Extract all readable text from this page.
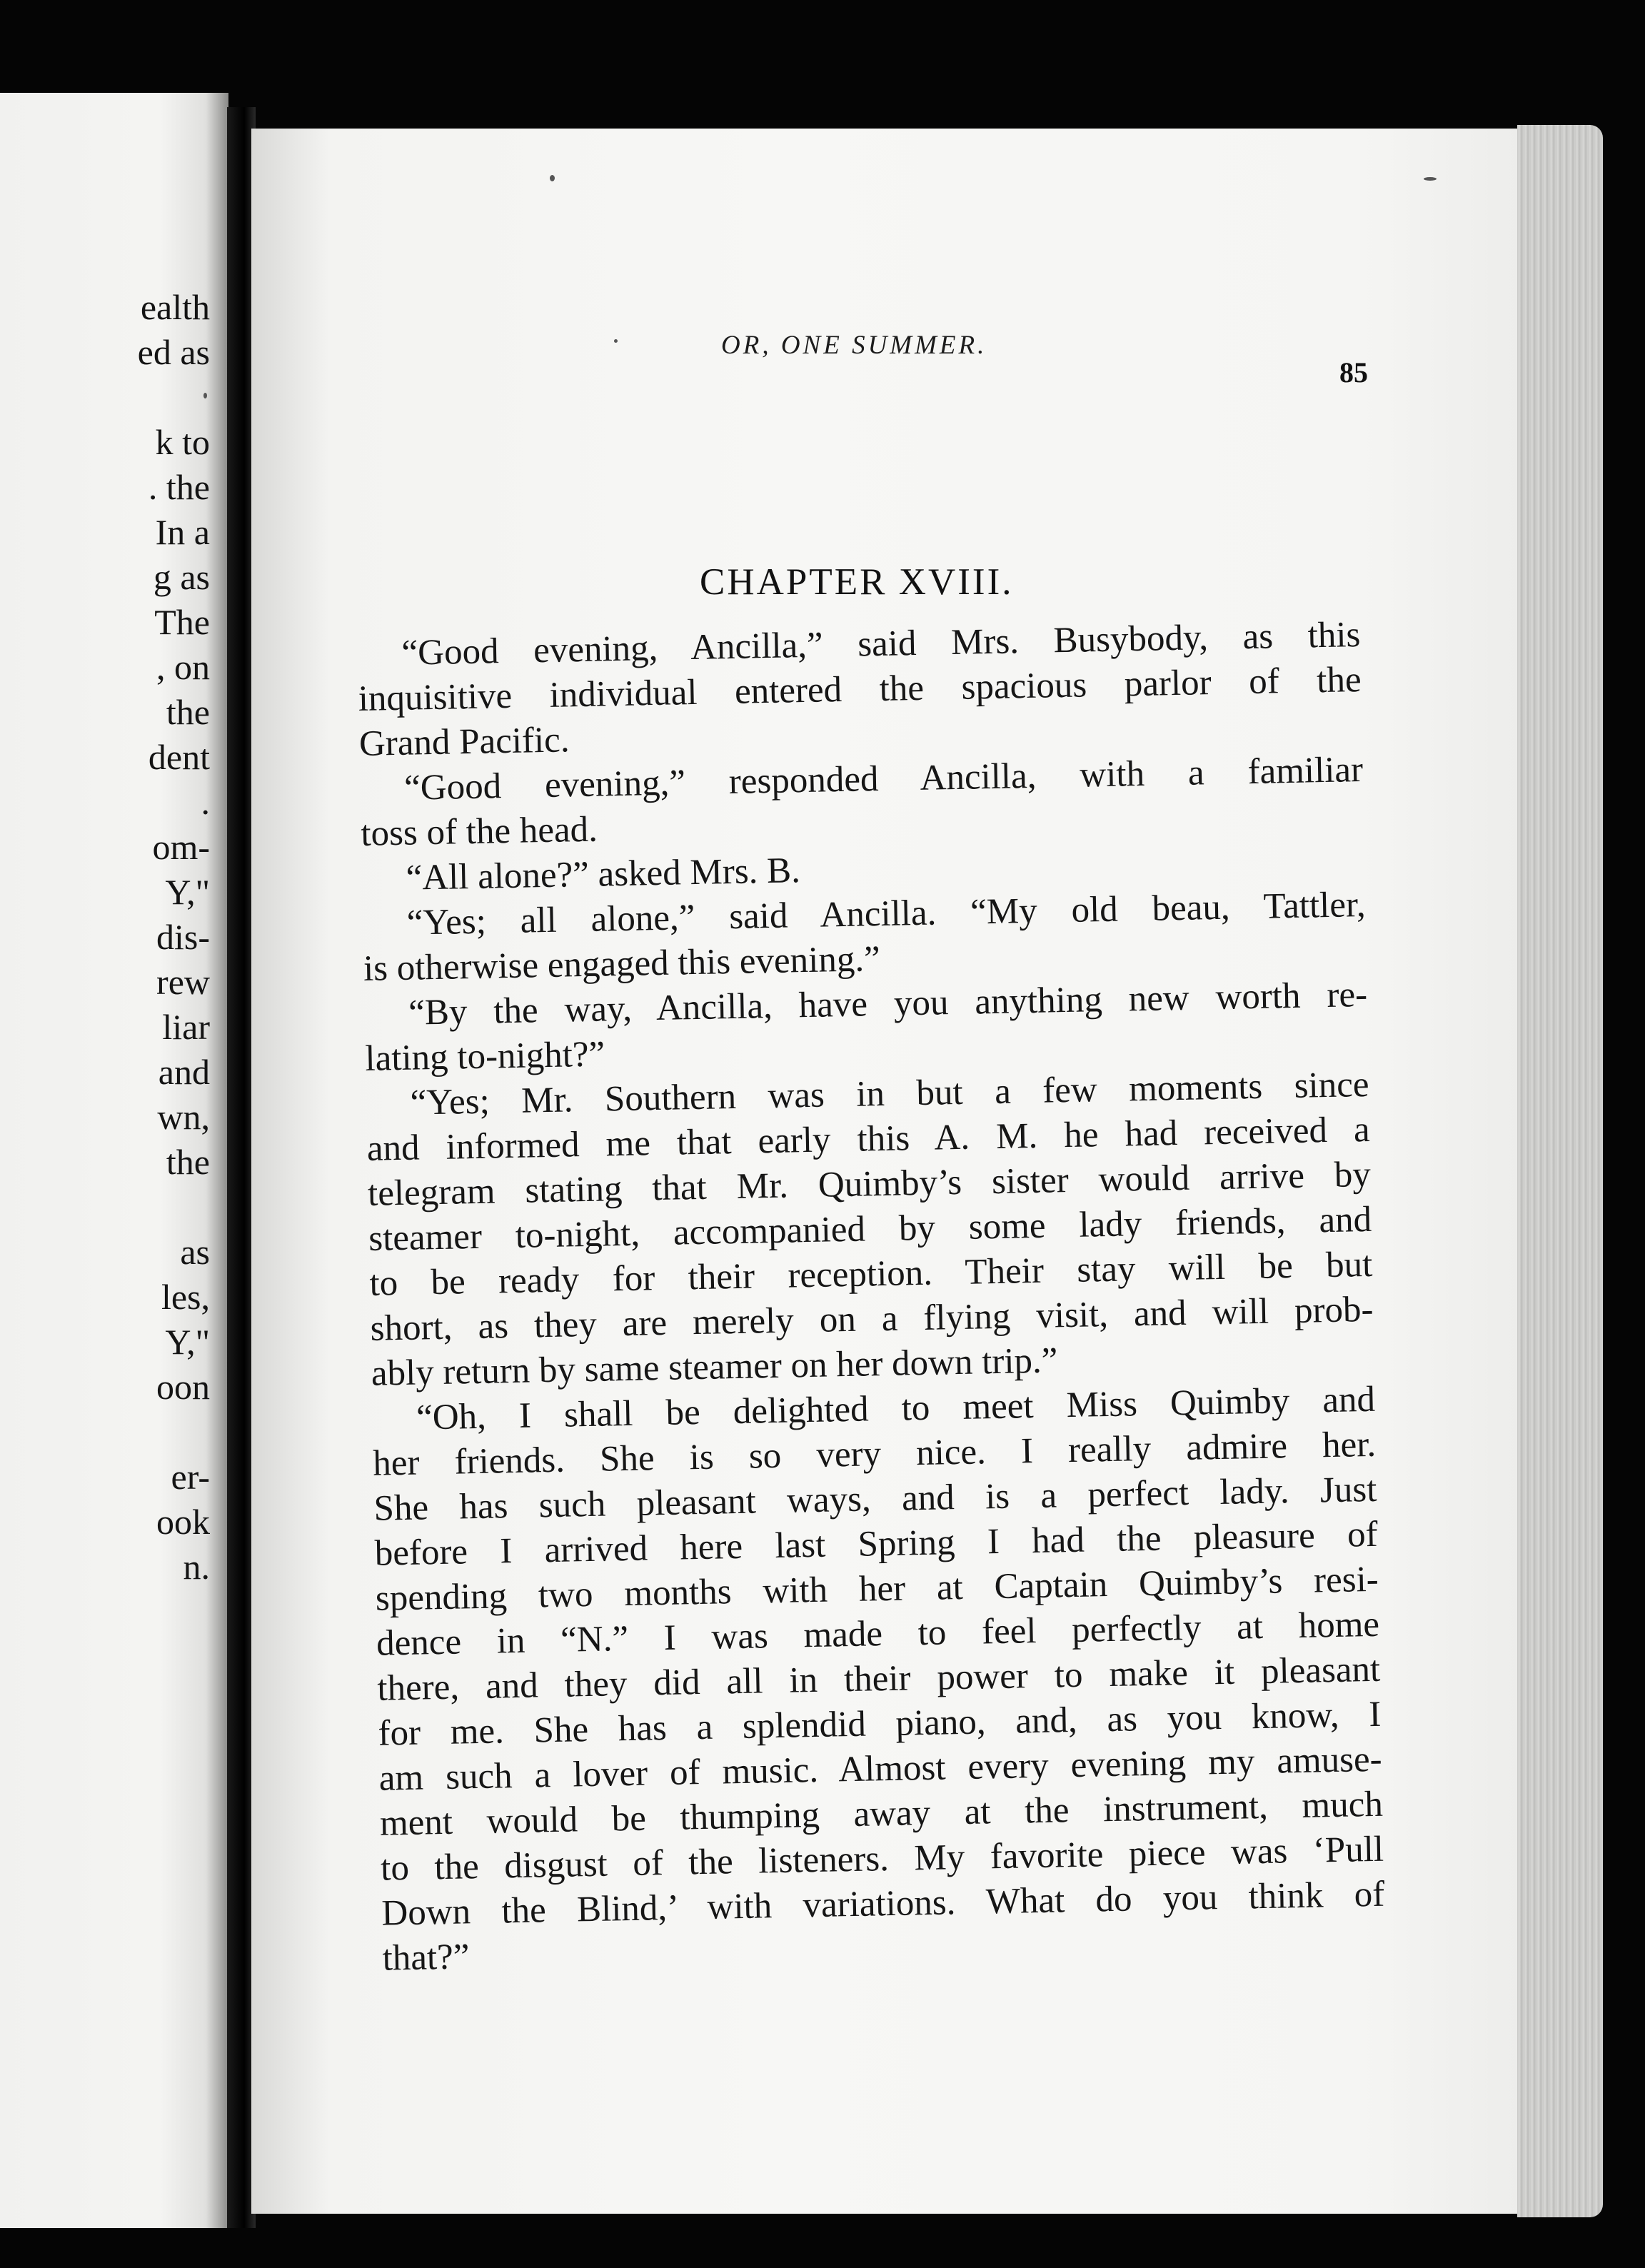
ealth
ed as
k to
. the
In a
g as
The
, on
the
dent
.
om-
Y,"
dis-
rew
liar
and
wn,
the
as
les,
Y,"
oon
er-
ook
n.
OR, ONE SUMMER.
85
CHAPTER XVIII.
“Good evening, Ancilla,” said Mrs. Busybody, as this
inquisitive individual entered the spacious parlor of the
Grand Pacific.
“Good evening,” responded Ancilla, with a familiar
toss of the head.
“All alone?” asked Mrs. B.
“Yes; all alone,” said Ancilla. “My old beau, Tattler,
is otherwise engaged this evening.”
“By the way, Ancilla, have you anything new worth re-
lating to-night?”
“Yes; Mr. Southern was in but a few moments since
and informed me that early this A. M. he had received a
telegram stating that Mr. Quimby’s sister would arrive by
steamer to-night, accompanied by some lady friends, and
to be ready for their reception. Their stay will be but
short, as they are merely on a flying visit, and will prob-
ably return by same steamer on her down trip.”
“Oh, I shall be delighted to meet Miss Quimby and
her friends. She is so very nice. I really admire her.
She has such pleasant ways, and is a perfect lady. Just
before I arrived here last Spring I had the pleasure of
spending two months with her at Captain Quimby’s resi-
dence in “N.” I was made to feel perfectly at home
there, and they did all in their power to make it pleasant
for me. She has a splendid piano, and, as you know, I
am such a lover of music. Almost every evening my amuse-
ment would be thumping away at the instrument, much
to the disgust of the listeners. My favorite piece was ‘Pull
Down the Blind,’ with variations. What do you think of
that?”
